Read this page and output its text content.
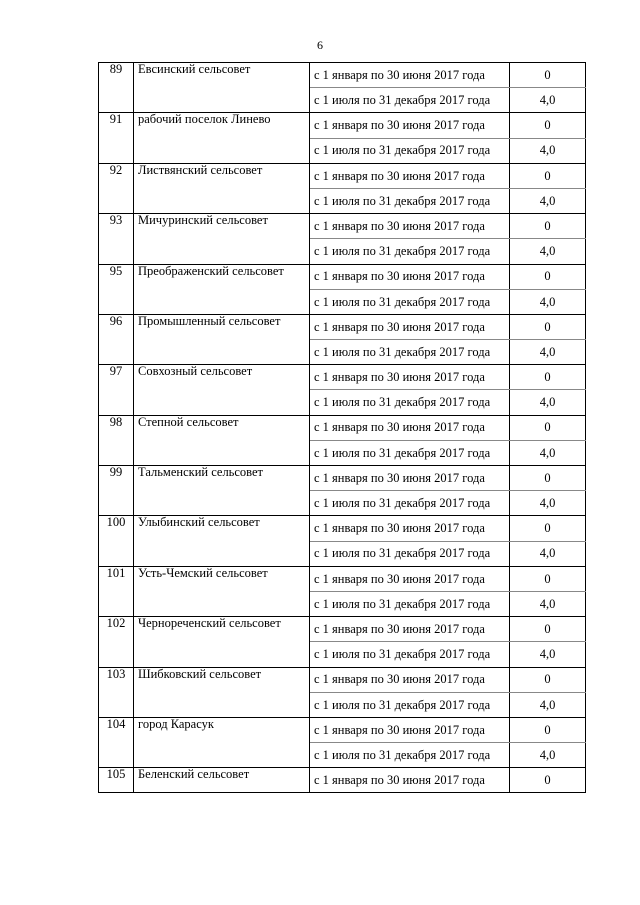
6
89	Евсинский сельсовет	с 1 января по 30 июня 2017 года	0
		с 1 июля по 31 декабря 2017 года	4,0
91	рабочий поселок Линево	с 1 января по 30 июня 2017 года	0
		с 1 июля по 31 декабря 2017 года	4,0
92	Листвянский сельсовет	с 1 января по 30 июня 2017 года	0
		с 1 июля по 31 декабря 2017 года	4,0
93	Мичуринский сельсовет	с 1 января по 30 июня 2017 года	0
		с 1 июля по 31 декабря 2017 года	4,0
95	Преображенский сельсовет	с 1 января по 30 июня 2017 года	0
		с 1 июля по 31 декабря 2017 года	4,0
96	Промышленный сельсовет	с 1 января по 30 июня 2017 года	0
		с 1 июля по 31 декабря 2017 года	4,0
97	Совхозный сельсовет	с 1 января по 30 июня 2017 года	0
		с 1 июля по 31 декабря 2017 года	4,0
98	Степной сельсовет	с 1 января по 30 июня 2017 года	0
		с 1 июля по 31 декабря 2017 года	4,0
99	Тальменский сельсовет	с 1 января по 30 июня 2017 года	0
		с 1 июля по 31 декабря 2017 года	4,0
100	Улыбинский сельсовет	с 1 января по 30 июня 2017 года	0
		с 1 июля по 31 декабря 2017 года	4,0
101	Усть-Чемский сельсовет	с 1 января по 30 июня 2017 года	0
		с 1 июля по 31 декабря 2017 года	4,0
102	Чернореченский сельсовет	с 1 января по 30 июня 2017 года	0
		с 1 июля по 31 декабря 2017 года	4,0
103	Шибковский сельсовет	с 1 января по 30 июня 2017 года	0
		с 1 июля по 31 декабря 2017 года	4,0
104	город Карасук	с 1 января по 30 июня 2017 года	0
		с 1 июля по 31 декабря 2017 года	4,0
105	Беленский сельсовет	с 1 января по 30 июня 2017 года	0
